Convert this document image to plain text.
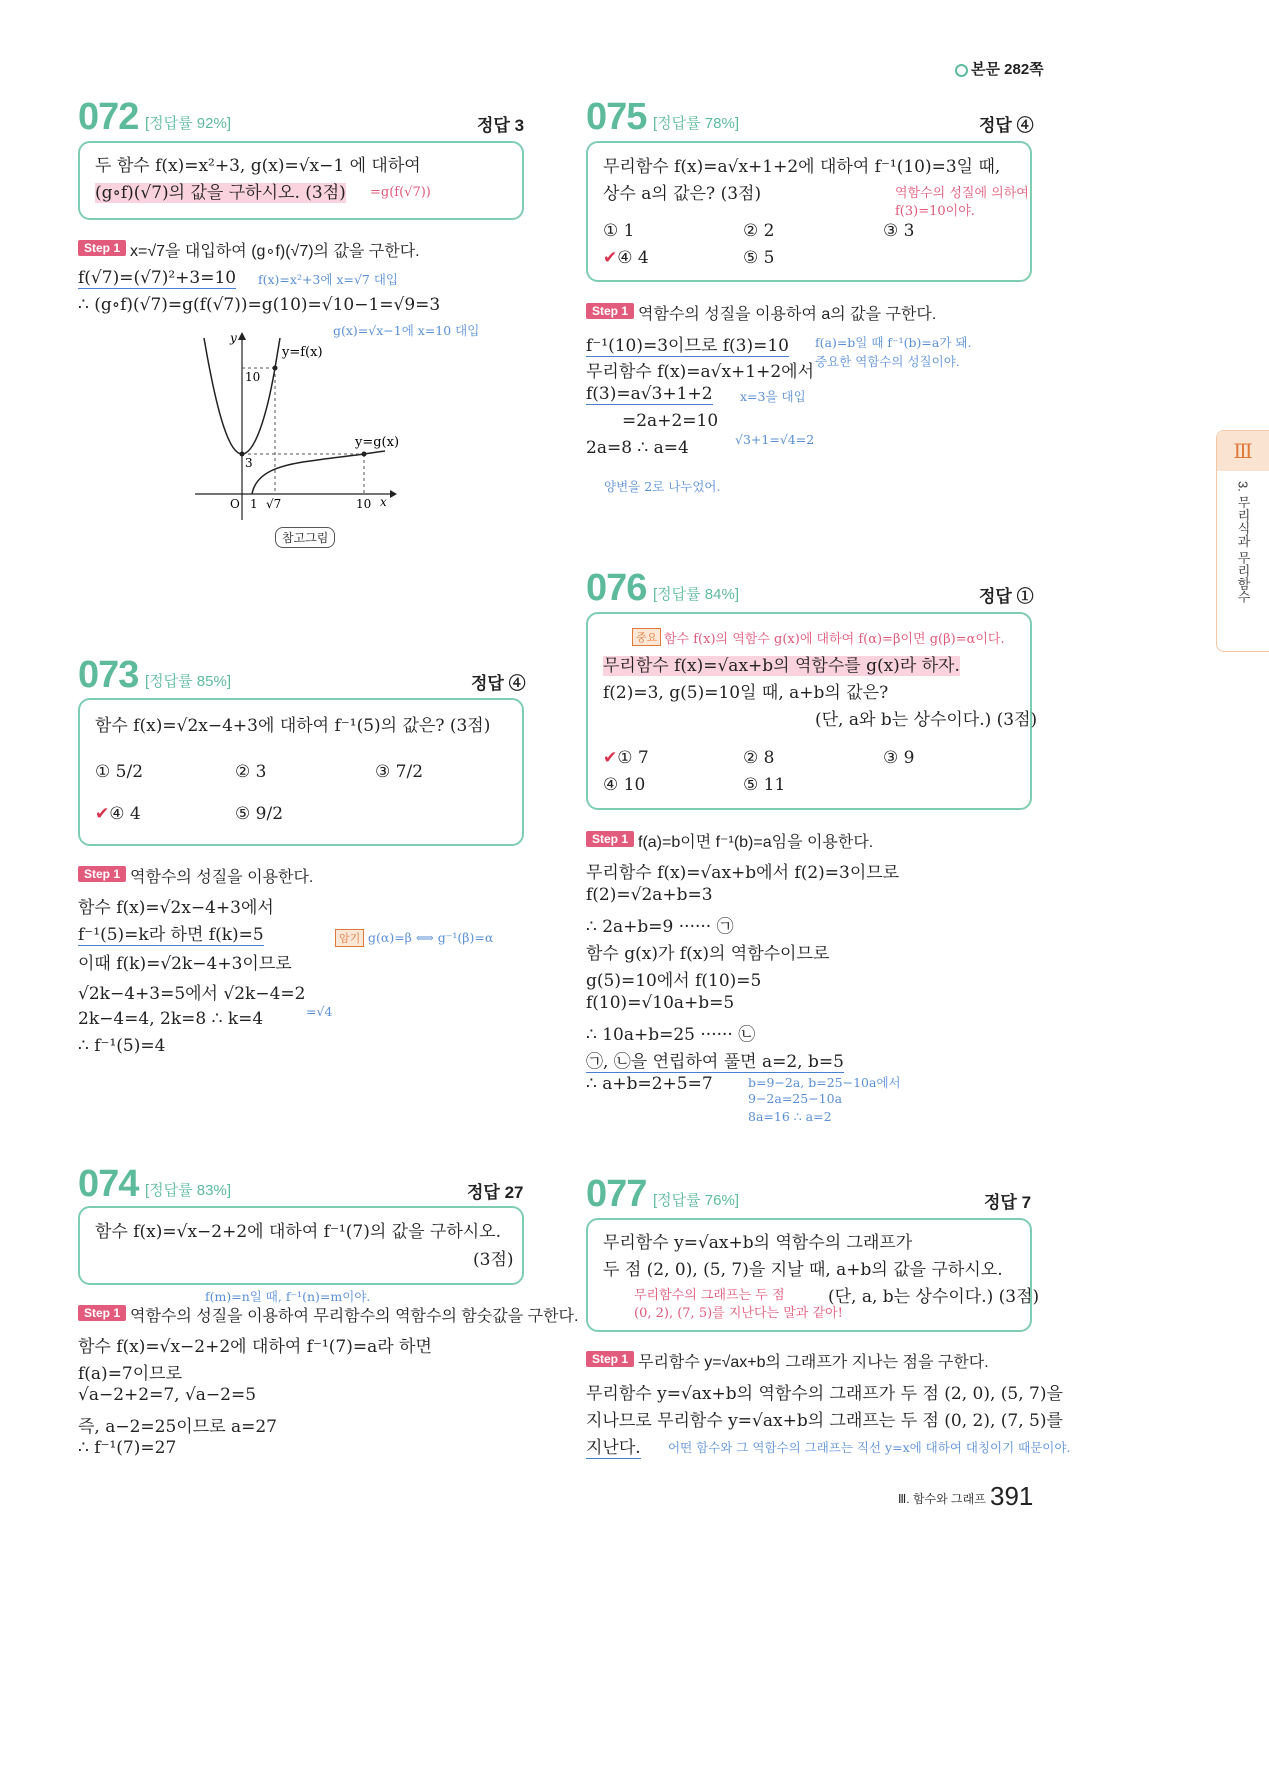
본문 282쪽
Ⅲ
3. 무리식과 무리함수
072 [정답률 92%]	정답 3
두 함수 f(x)=x²+3, g(x)=√x−1 에 대하여
(g∘f)(√7)의 값을 구하시오. (3점) =g(f(√7))
Step 1 x=√7을 대입하여 (g∘f)(√7)의 값을 구한다.
f(√7)=(√7)²+3=10 f(x)=x²+3에 x=√7 대입
∴ (g∘f)(√7)=g(f(√7))=g(10)=√10−1=√9=3
g(x)=√x−1에 x=10 대입
y
x
O
y=f(x)
y=g(x)
10
3
1 √7	10
참고그림
073 [정답률 85%]	정답 ④
함수 f(x)=√2x−4+3에 대하여 f⁻¹(5)의 값은? (3점)
① 5/2	② 3	③ 7/2
✔④ 4	⑤ 9/2
Step 1 역함수의 성질을 이용한다.
함수 f(x)=√2x−4+3에서
f⁻¹(5)=k라 하면 f(k)=5	암기 g(α)=β ⟺ g⁻¹(β)=α
이때 f(k)=√2k−4+3이므로
√2k−4+3=5에서 √2k−4=2
2k−4=4, 2k=8 ∴ k=4	=√4
∴ f⁻¹(5)=4
074 [정답률 83%]	정답 27
함수 f(x)=√x−2+2에 대하여 f⁻¹(7)의 값을 구하시오.
(3점)
f(m)=n일 때, f⁻¹(n)=m이야.
Step 1 역함수의 성질을 이용하여 무리함수의 역함수의 함숫값을 구한다.
함수 f(x)=√x−2+2에 대하여 f⁻¹(7)=a라 하면
f(a)=7이므로
√a−2+2=7, √a−2=5
즉, a−2=25이므로 a=27
∴ f⁻¹(7)=27
075 [정답률 78%]	정답 ④
무리함수 f(x)=a√x+1+2에 대하여 f⁻¹(10)=3일 때,
상수 a의 값은? (3점)	역함수의 성질에 의하여
f(3)=10이야.
① 1	② 2	③ 3
✔④ 4	⑤ 5
Step 1 역함수의 성질을 이용하여 a의 값을 구한다.
f⁻¹(10)=3이므로 f(3)=10 f(a)=b일 때 f⁻¹(b)=a가 돼.
중요한 역함수의 성질이야.
무리함수 f(x)=a√x+1+2에서
f(3)=a√3+1+2 x=3을 대입
=2a+2=10
2a=8 ∴ a=4	√3+1=√4=2
양변을 2로 나누었어.
076 [정답률 84%]	정답 ①
중요 함수 f(x)의 역함수 g(x)에 대하여 f(α)=β이면 g(β)=α이다.
무리함수 f(x)=√ax+b의 역함수를 g(x)라 하자.
f(2)=3, g(5)=10일 때, a+b의 값은?
(단, a와 b는 상수이다.) (3점)
✔① 7	② 8	③ 9
④ 10	⑤ 11
Step 1 f(a)=b이면 f⁻¹(b)=a임을 이용한다.
무리함수 f(x)=√ax+b에서 f(2)=3이므로
f(2)=√2a+b=3
∴ 2a+b=9 ······ ㉠
함수 g(x)가 f(x)의 역함수이므로
g(5)=10에서 f(10)=5
f(10)=√10a+b=5
∴ 10a+b=25 ······ ㉡
㉠, ㉡을 연립하여 풀면 a=2, b=5
∴ a+b=2+5=7	b=9−2a, b=25−10a에서
9−2a=25−10a
8a=16 ∴ a=2
077 [정답률 76%]	정답 7
무리함수 y=√ax+b의 역함수의 그래프가
두 점 (2, 0), (5, 7)을 지날 때, a+b의 값을 구하시오.
무리함수의 그래프는 두 점
(0, 2), (7, 5)를 지난다는 말과 같아!
(단, a, b는 상수이다.) (3점)
Step 1 무리함수 y=√ax+b의 그래프가 지나는 점을 구한다.
무리함수 y=√ax+b의 역함수의 그래프가 두 점 (2, 0), (5, 7)을
지나므로 무리함수 y=√ax+b의 그래프는 두 점 (0, 2), (7, 5)를
지난다. 어떤 함수와 그 역함수의 그래프는 직선 y=x에 대하여 대칭이기 때문이야.
Ⅲ. 함수와 그래프 391
